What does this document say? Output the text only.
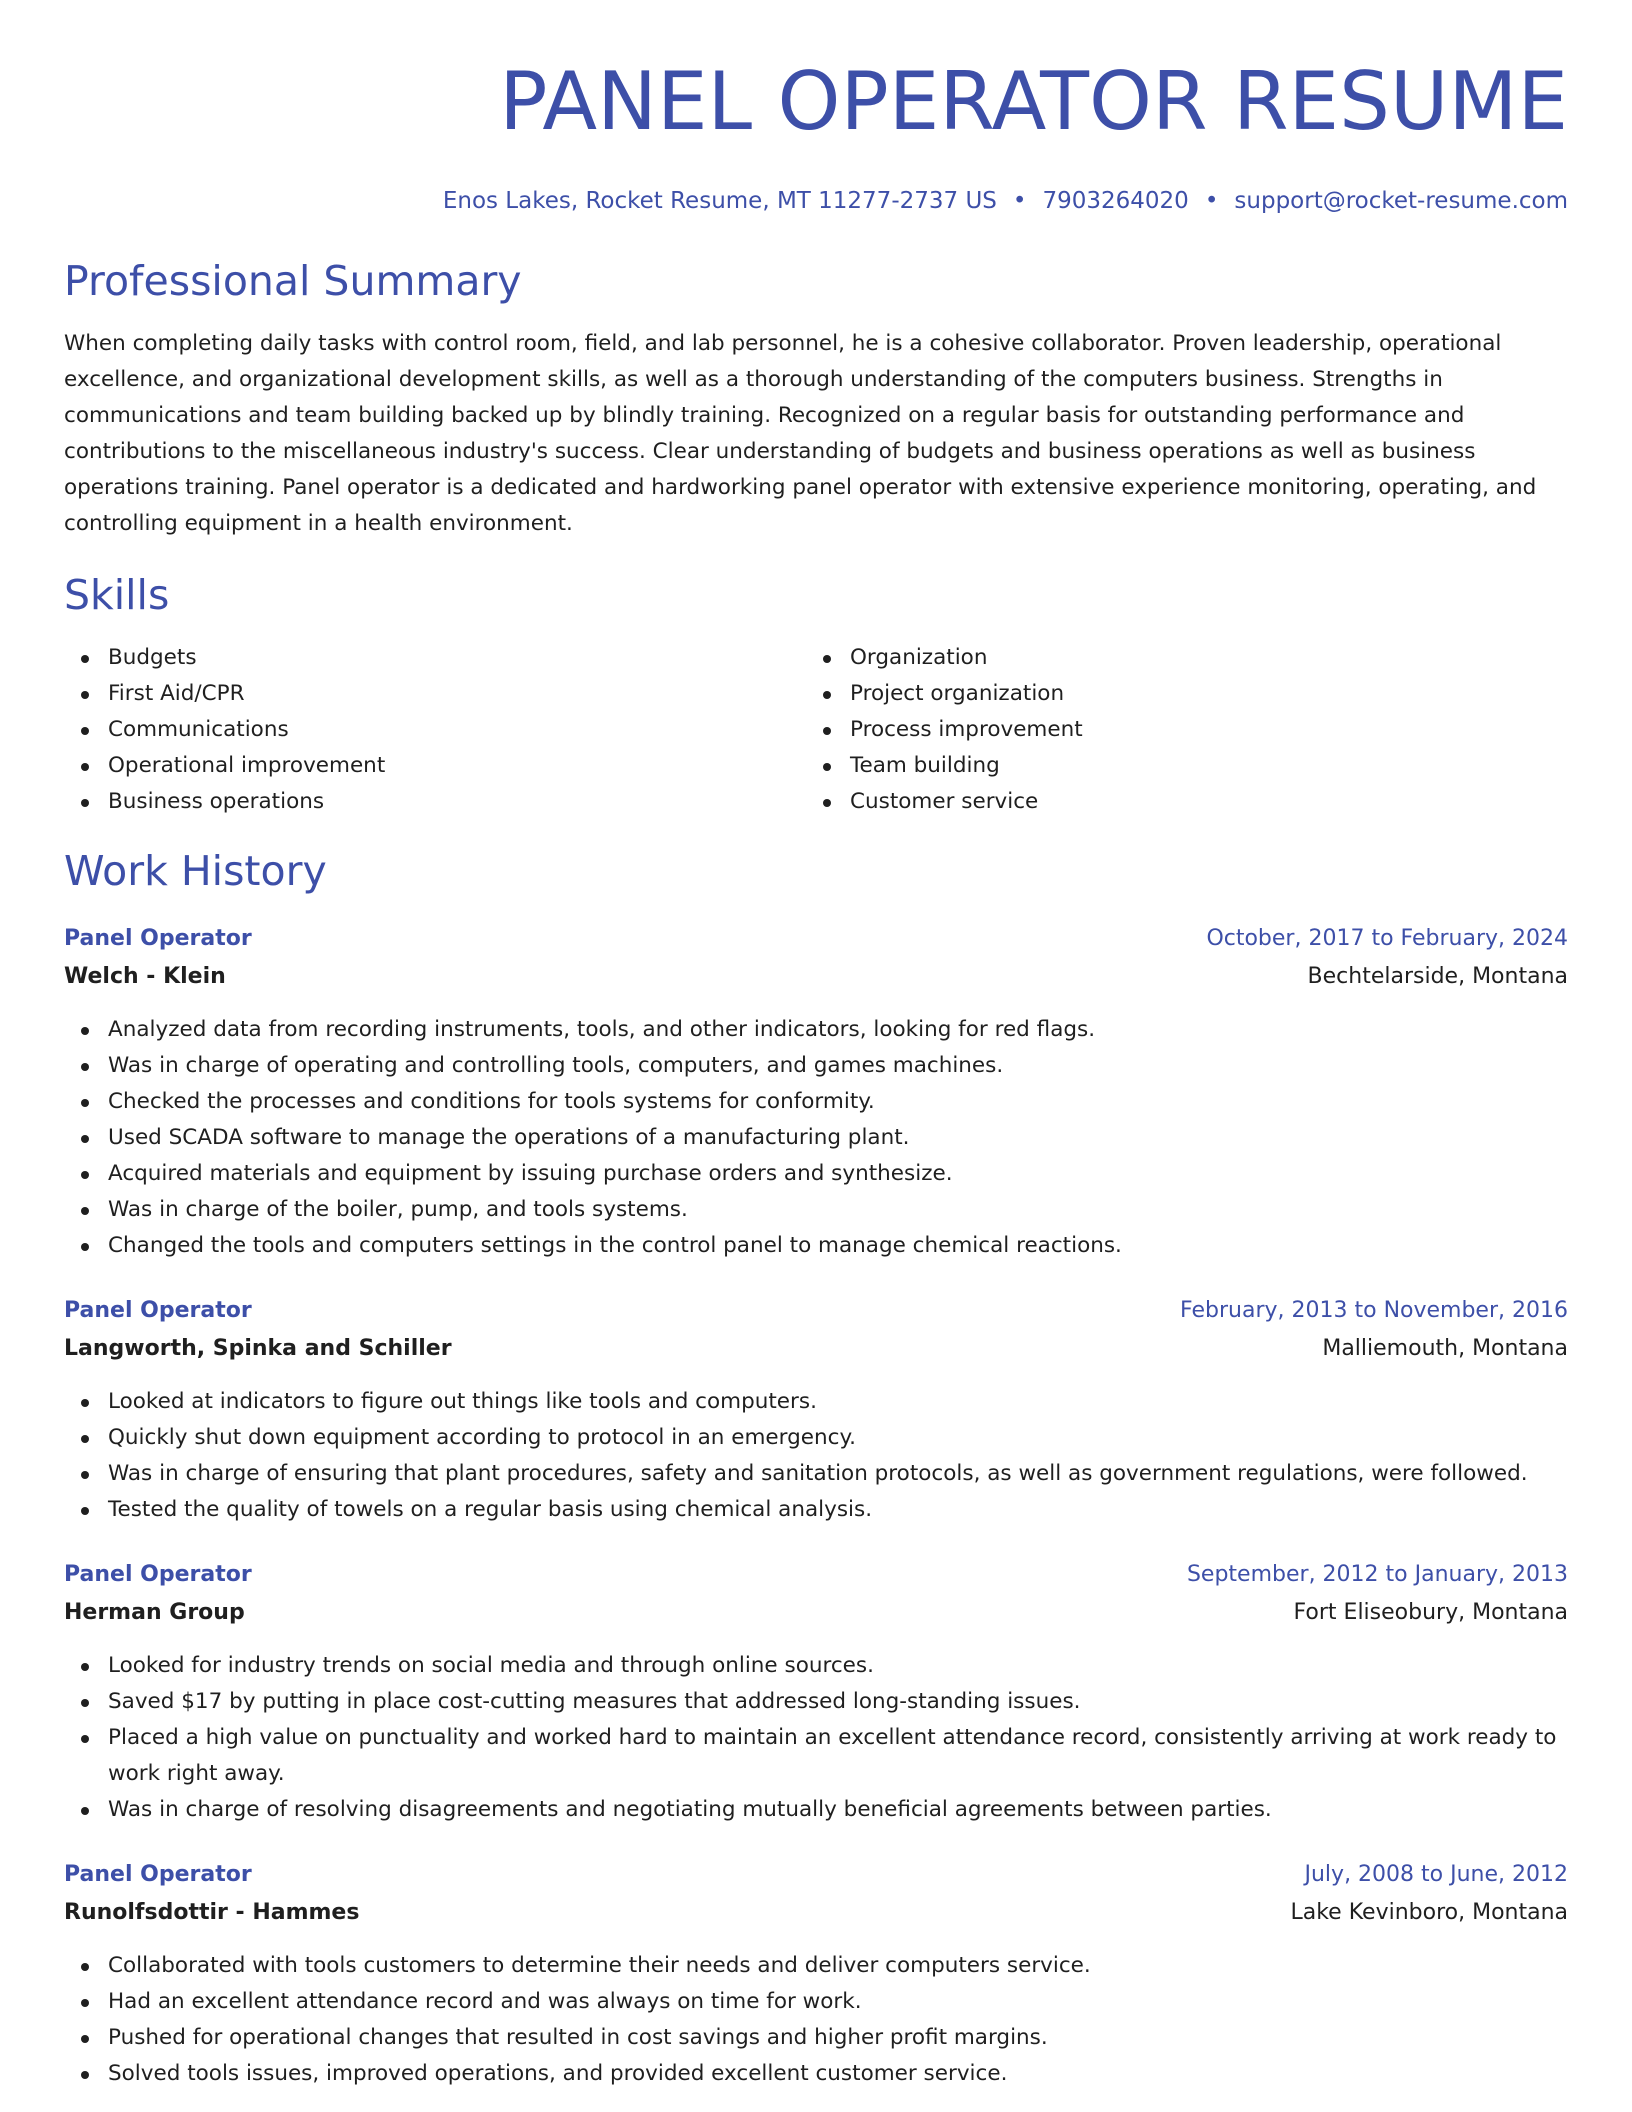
PANEL OPERATOR RESUME
Enos Lakes, Rocket Resume, MT 11277-2737 US • 7903264020 • support@rocket-resume.com
Professional Summary

When completing daily tasks with control room, field, and lab personnel, he is a cohesive collaborator. Proven leadership, operational excellence, and organizational development skills, as well as a thorough understanding of the computers business. Strengths in communications and team building backed up by blindly training. Recognized on a regular basis for outstanding performance and contributions to the miscellaneous industry's success. Clear understanding of budgets and business operations as well as business operations training. Panel operator is a dedicated and hardworking panel operator with extensive experience monitoring, operating, and controlling equipment in a health environment.

Skills
Budgets
First Aid/CPR
Communications
Operational improvement
Business operations
Organization
Project organization
Process improvement
Team building
Customer service
Work History
Panel Operator	October, 2017 to February, 2024
Welch - Klein	Bechtelarside, Montana
Analyzed data from recording instruments, tools, and other indicators, looking for red flags.
Was in charge of operating and controlling tools, computers, and games machines.
Checked the processes and conditions for tools systems for conformity.
Used SCADA software to manage the operations of a manufacturing plant.
Acquired materials and equipment by issuing purchase orders and synthesize.
Was in charge of the boiler, pump, and tools systems.
Changed the tools and computers settings in the control panel to manage chemical reactions.
Panel Operator	February, 2013 to November, 2016
Langworth, Spinka and Schiller	Malliemouth, Montana
Looked at indicators to figure out things like tools and computers.
Quickly shut down equipment according to protocol in an emergency.
Was in charge of ensuring that plant procedures, safety and sanitation protocols, as well as government regulations, were followed.
Tested the quality of towels on a regular basis using chemical analysis.
Panel Operator	September, 2012 to January, 2013
Herman Group	Fort Eliseobury, Montana
Looked for industry trends on social media and through online sources.
Saved $17 by putting in place cost-cutting measures that addressed long-standing issues.
Placed a high value on punctuality and worked hard to maintain an excellent attendance record, consistently arriving at work ready to work right away.
Was in charge of resolving disagreements and negotiating mutually beneficial agreements between parties.
Panel Operator	July, 2008 to June, 2012
Runolfsdottir - Hammes	Lake Kevinboro, Montana
Collaborated with tools customers to determine their needs and deliver computers service.
Had an excellent attendance record and was always on time for work.
Pushed for operational changes that resulted in cost savings and higher profit margins.
Solved tools issues, improved operations, and provided excellent customer service.
